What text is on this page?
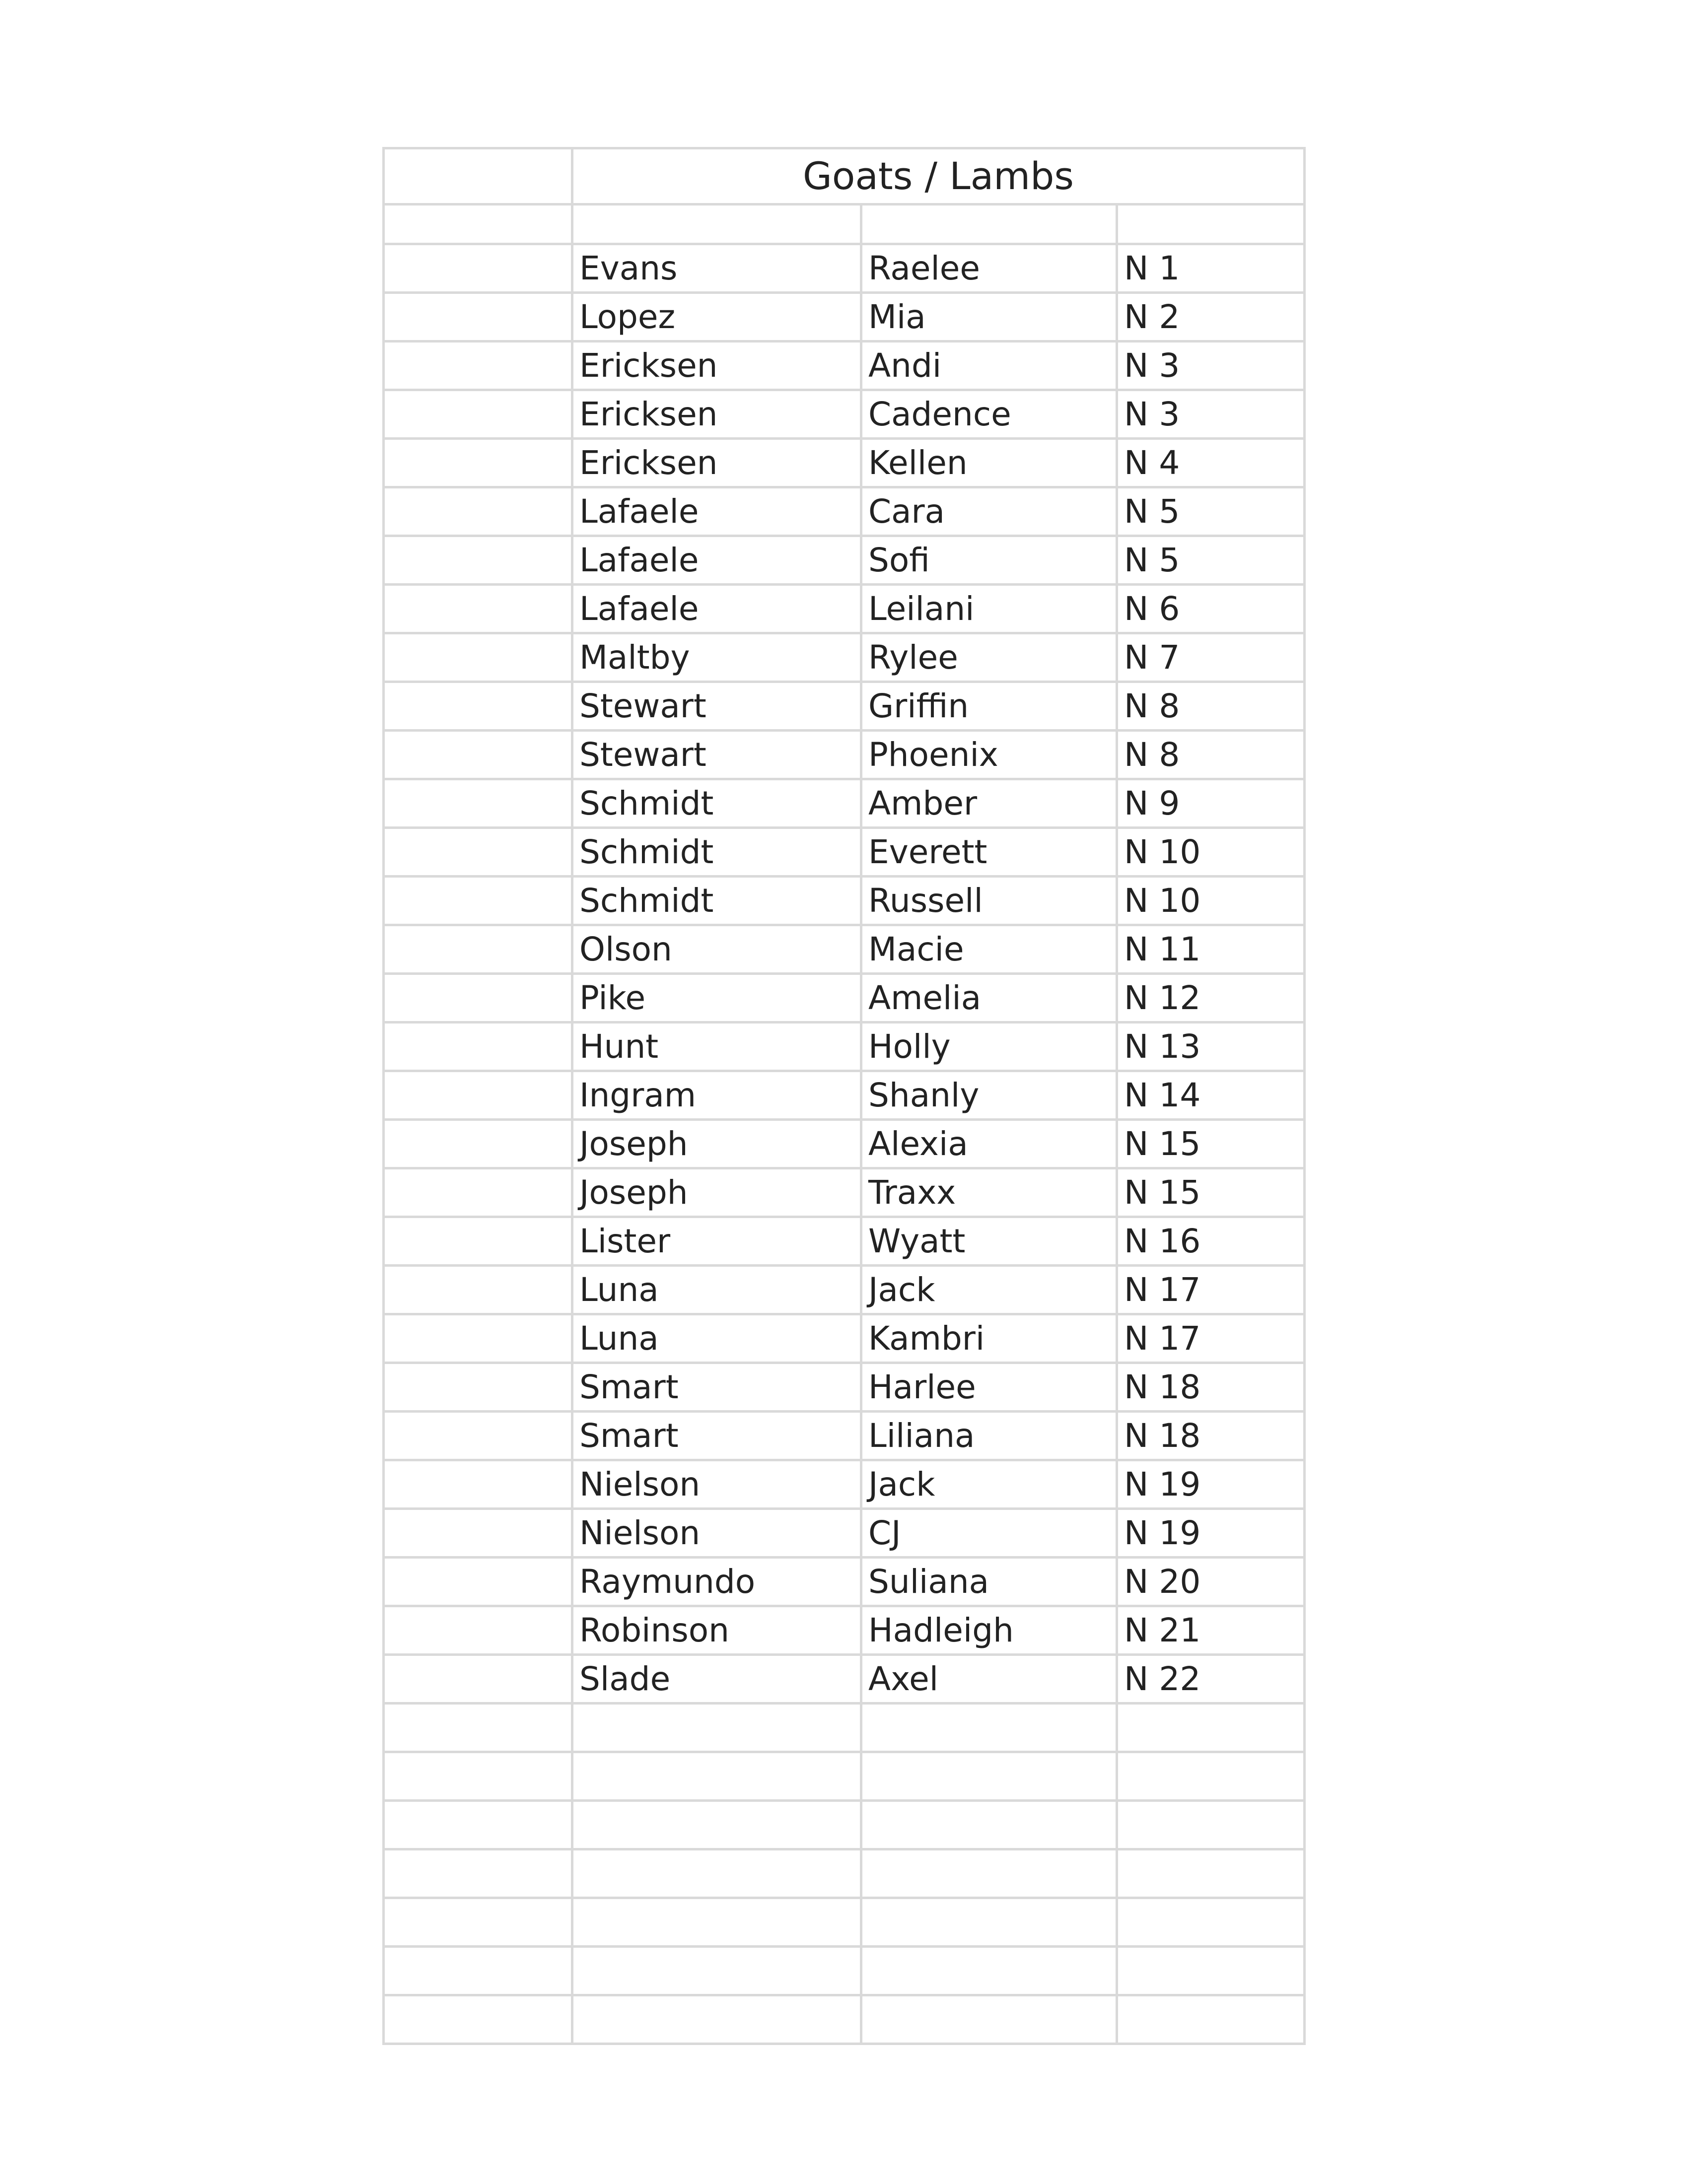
	Goats / Lambs		

	Evans	Raelee	N 1
	Lopez	Mia	N 2
	Ericksen	Andi	N 3
	Ericksen	Cadence	N 3
	Ericksen	Kellen	N 4
	Lafaele	Cara	N 5
	Lafaele	Sofi	N 5
	Lafaele	Leilani	N 6
	Maltby	Rylee	N 7
	Stewart	Griffin	N 8
	Stewart	Phoenix	N 8
	Schmidt	Amber	N 9
	Schmidt	Everett	N 10
	Schmidt	Russell	N 10
	Olson	Macie	N 11
	Pike	Amelia	N 12
	Hunt	Holly	N 13
	Ingram	Shanly	N 14
	Joseph	Alexia	N 15
	Joseph	Traxx	N 15
	Lister	Wyatt	N 16
	Luna	Jack	N 17
	Luna	Kambri	N 17
	Smart	Harlee	N 18
	Smart	Liliana	N 18
	Nielson	Jack	N 19
	Nielson	CJ	N 19
	Raymundo	Suliana	N 20
	Robinson	Hadleigh	N 21
	Slade	Axel	N 22
